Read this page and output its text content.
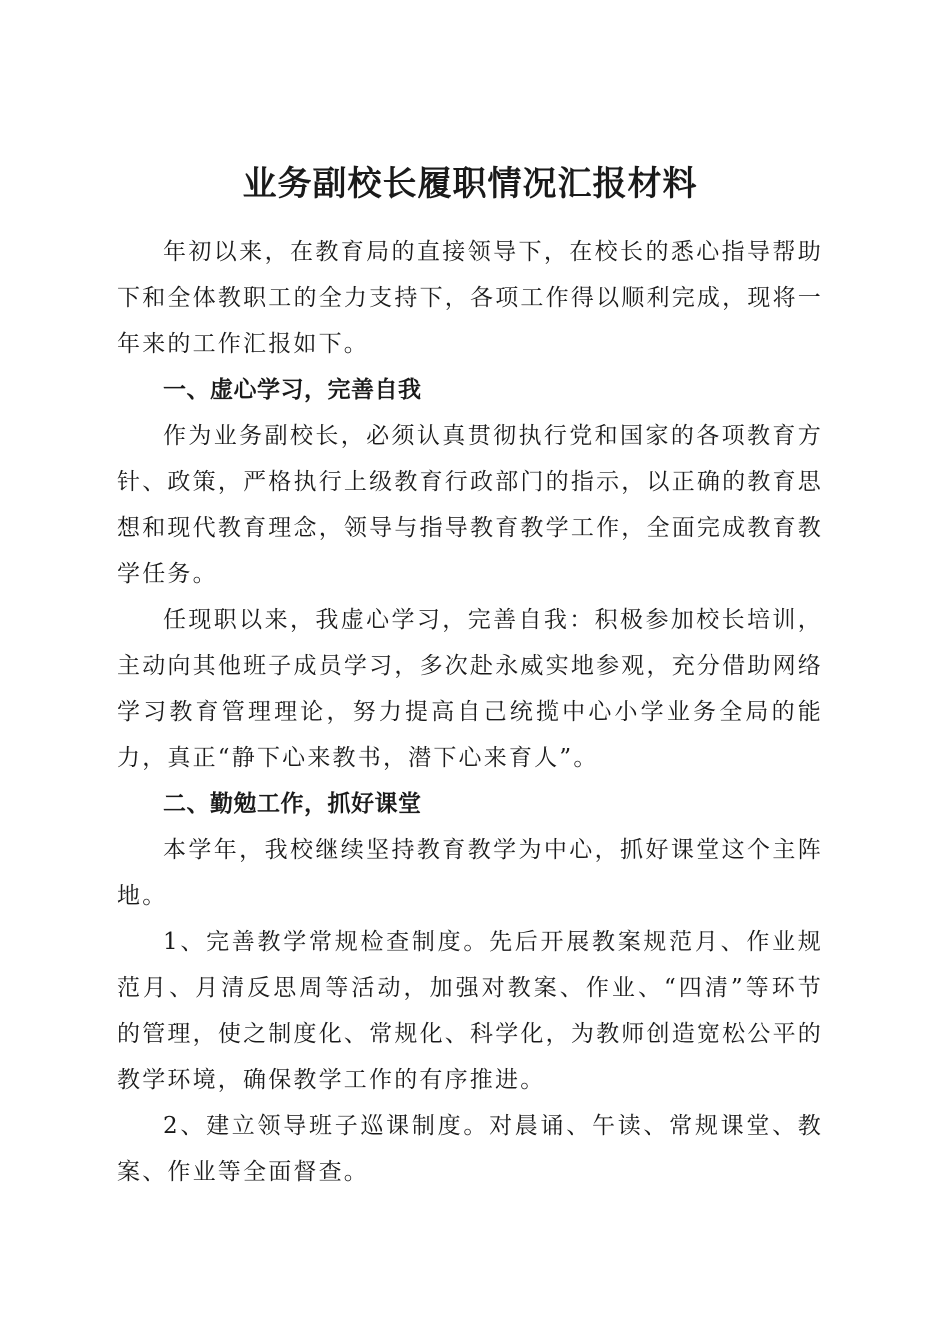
业务副校长履职情况汇报材料

年初以来，在教育局的直接领导下，在校长的悉心指导帮助下和全体教职工的全力支持下，各项工作得以顺利完成，现将一年来的工作汇报如下。

一、虚心学习，完善自我

作为业务副校长，必须认真贯彻执行党和国家的各项教育方针、政策，严格执行上级教育行政部门的指示，以正确的教育思想和现代教育理念，领导与指导教育教学工作，全面完成教育教学任务。

任现职以来，我虚心学习，完善自我：积极参加校长培训，主动向其他班子成员学习，多次赴永威实地参观，充分借助网络学习教育管理理论，努力提高自己统揽中心小学业务全局的能力，真正“静下心来教书，潜下心来育人”。

二、勤勉工作，抓好课堂

本学年，我校继续坚持教育教学为中心，抓好课堂这个主阵地。

1、完善教学常规检查制度。先后开展教案规范月、作业规范月、月清反思周等活动，加强对教案、作业、“四清”等环节的管理，使之制度化、常规化、科学化，为教师创造宽松公平的教学环境，确保教学工作的有序推进。

2、建立领导班子巡课制度。对晨诵、午读、常规课堂、教案、作业等全面督查。
